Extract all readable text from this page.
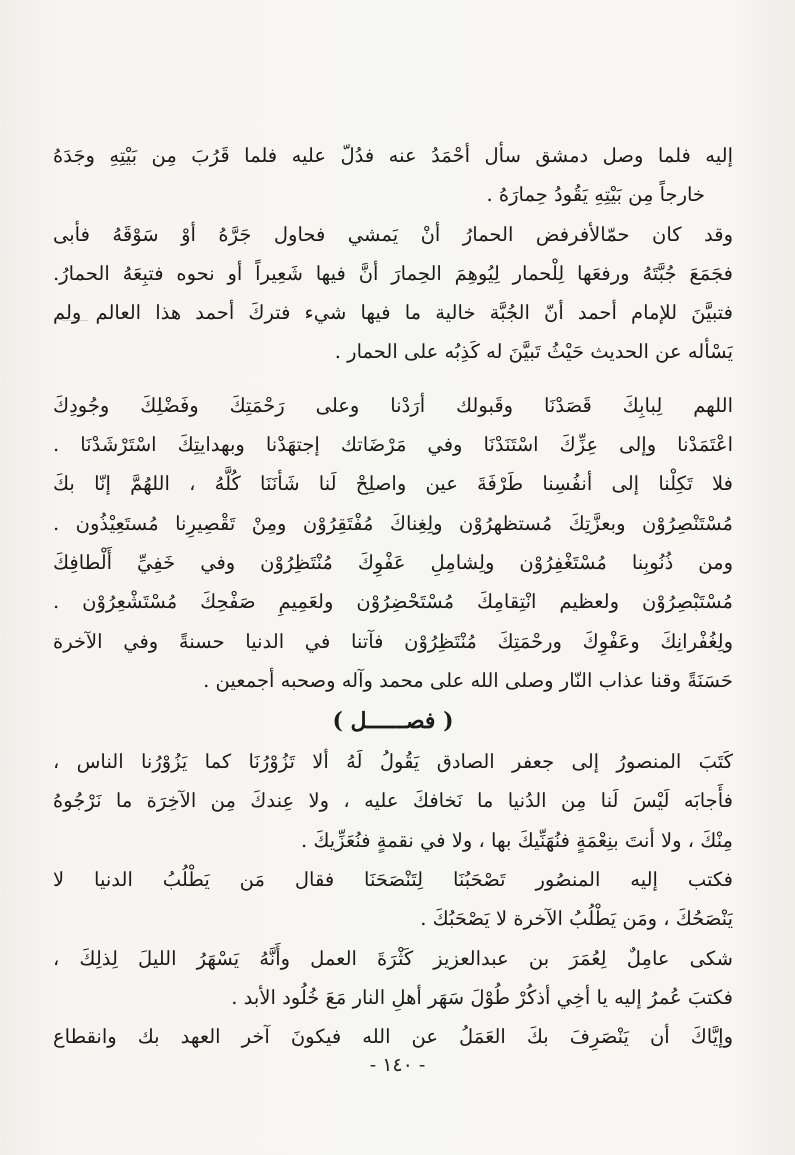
إليه فلما وصل دمشق سأل أحْمَدُ عنه فدُلّ عليه فلما قَرُبَ مِن بَيْتِهِ وجَدَهُ
خارجاً مِن بَيْتِهِ يَقُودُ حِمارَهُ .
وقد كان حمّالأفرفض الحمارُ أنْ يَمشي فحاول جَرَّهُ أوْ سَوْقَهُ فأبى
فجَمَعَ جُبَّتَهُ ورفعَها لِلْحمار لِيُوهِمَ الحِمارَ أنَّ فيها شَعِيراً أو نحوه فتبِعَهُ الحمارُ.
فتبيَّنَ للإمام أحمد أنّ الجُبَّة خالية ما فيها شيء فتركَ أحمد هذا العالم ولم
يَسْأله عن الحديث حَيْثُ تَبيَّنَ له كَذِبُه على الحمار .
اللهم لِبابِكَ قَصَدْنَا وقَبولك أرَدْنا وعلى رَحْمَتِكَ وفَضْلِكَ وجُودِكَ
اعْتَمَدْنا وإلى عِزِّكَ اسْتَنَدْنَا وفي مَرْضَاتك إجتهَدْنا وبهدايتِكَ اسْتَرْشَدْنَا .
فلا تَكِلْنا إلى أنفُسِنا طَرْفَةَ عين واصلِحْ لَنا شَأنَنَا كُلَّهُ ، اللهُمَّ إنّا بكَ
مُسْتَنْصِرُوْن وبعزَّتِكَ مُستظهرُوْن ولِغِناكَ مُفْتَقِرُوْن ومِنْ تَقْصِيرِنا مُستَعِيْذُون .
ومن ذُنُوبِنا مُسْتَغْفِرُوْن ولِشامِلِ عَفْوِكَ مُنْتَظِرُوْن وفي خَفِيِّ أَلْطافِكَ
مُسْتَبْصِرُوْن ولعظيم انْتِقامِكَ مُسْتَحْضِرُوْن ولعَمِيمِ صَفْحِكَ مُسْتَشْعِرُوْن .
ولِغُفْرانِكَ وعَفْوِكَ ورحْمَتِكَ مُنْتَظِرُوْن فآتنا في الدنيا حسنةً وفي الآخرة
حَسَنَةً وقنا عذاب النّار وصلى الله على محمد وآله وصحبه أجمعين .
( فصــــــل )
كَتَبَ المنصورُ إلى جعفر الصادق يَقُولُ لَهُ ألا تَزُوْرُنَا كما يَزُوْرُنا الناس ،
فأَجابَه لَيْسَ لَنا مِن الدُنيا ما نَخافكَ عليه ، ولا عِندكَ مِن الآخِرَة ما نَرْجُوهُ
مِنْكَ ، ولا أنتَ بنِعْمَةٍ فنُهَنِّيكَ بها ، ولا في نقمةٍ فنُعَزِّيكَ .
فكتب إليه المنصُور تَصْحَبُنَا لِتَنْصَحَنَا فقال مَن يَطْلُبُ الدنيا لا
يَنْصَحُكَ ، ومَن يَطْلُبُ الآخرة لا يَصْحَبُكَ .
شكى عامِلٌ لِعُمَرَ بن عبدالعزيز كَثْرَةَ العمل وأَنَّهُ يَسْهَرُ الليلَ لِذلِكَ ،
فكتبَ عُمرُ إليه يا أخِي أذكُرْ طُوْلَ سَهَر أهلِ النار مَعَ خُلُود الأبد .
وإيَّاكَ أن يَنْصَرِفَ بكَ العَمَلُ عن الله فيكونَ آخر العهد بك وانقطاع
- ١٤٠ -
